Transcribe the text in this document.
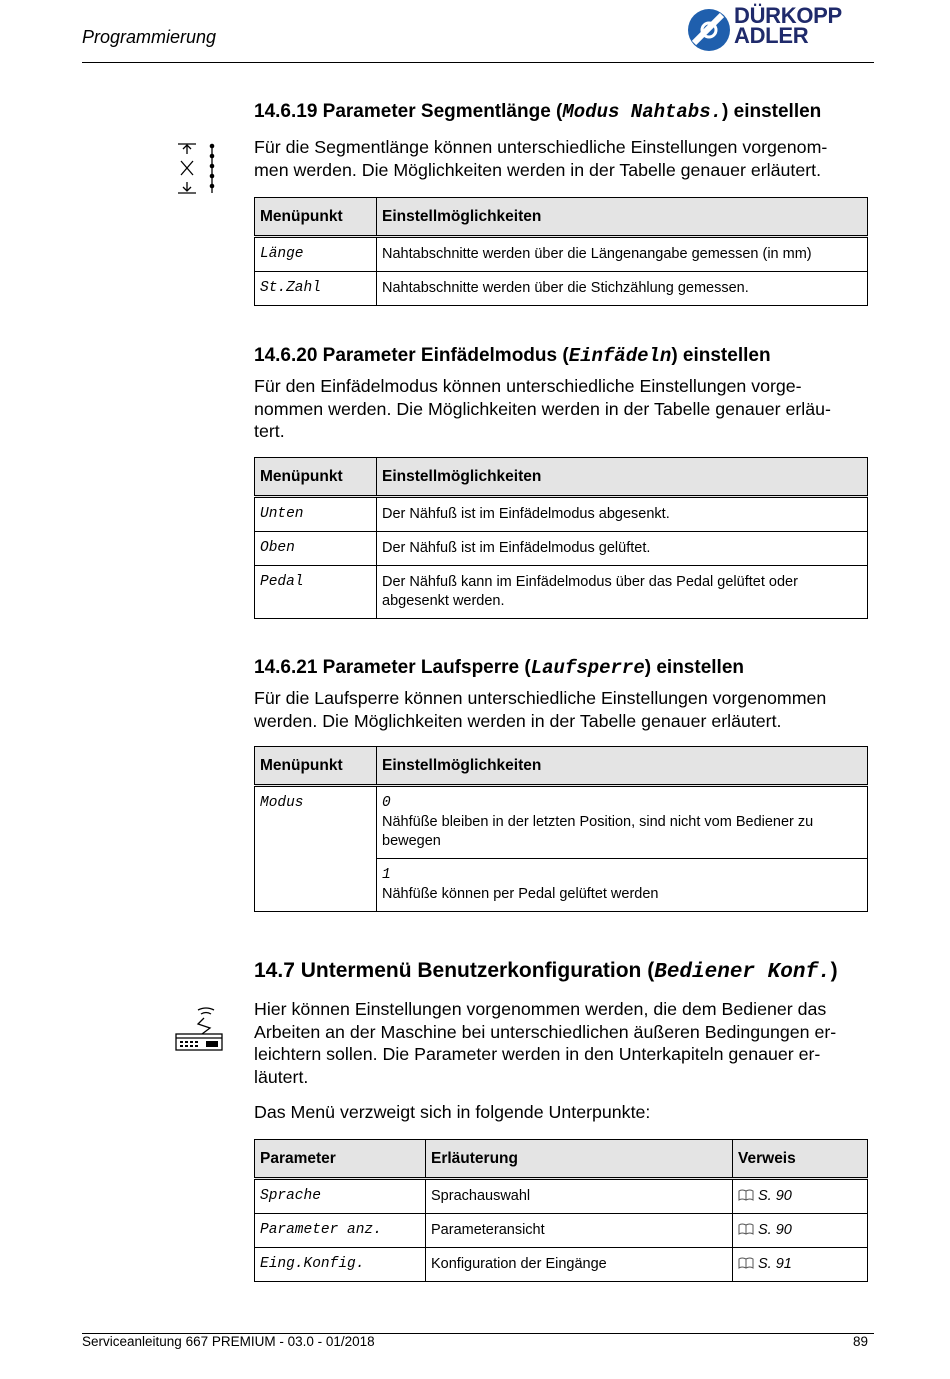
Programmierung
DÜRKOPP
ADLER
14.6.19 Parameter Segmentlänge (Modus Nahtabs.) einstellen
Für die Segmentlänge können unterschiedliche Einstellungen vorgenom-
men werden. Die Möglichkeiten werden in der Tabelle genauer erläutert.
Menüpunkt	Einstellmöglichkeiten
Länge	Nahtabschnitte werden über die Längenangabe gemessen (in mm)
St.Zahl	Nahtabschnitte werden über die Stichzählung gemessen.
14.6.20 Parameter Einfädelmodus (Einfädeln) einstellen
Für den Einfädelmodus können unterschiedliche Einstellungen vorge-
nommen werden. Die Möglichkeiten werden in der Tabelle genauer erläu-
tert.
Menüpunkt	Einstellmöglichkeiten
Unten	Der Nähfuß ist im Einfädelmodus abgesenkt.
Oben	Der Nähfuß ist im Einfädelmodus gelüftet.
Pedal	Der Nähfuß kann im Einfädelmodus über das Pedal gelüftet oder
abgesenkt werden.
14.6.21 Parameter Laufsperre (Laufsperre) einstellen
Für die Laufsperre können unterschiedliche Einstellungen vorgenommen
werden. Die Möglichkeiten werden in der Tabelle genauer erläutert.
Menüpunkt	Einstellmöglichkeiten
Modus	0
Nähfüße bleiben in der letzten Position, sind nicht vom Bediener zu
bewegen

	1
Nähfüße können per Pedal gelüftet werden
14.7 Untermenü Benutzerkonfiguration (Bediener Konf.)
Hier können Einstellungen vorgenommen werden, die dem Bediener das
Arbeiten an der Maschine bei unterschiedlichen äußeren Bedingungen er-
leichtern sollen. Die Parameter werden in den Unterkapiteln genauer er-
läutert.
Das Menü verzweigt sich in folgende Unterpunkte:
Parameter	Erläuterung	Verweis
Sprache	Sprachauswahl	S. 90
Parameter anz.	Parameteransicht	S. 90
Eing.Konfig.	Konfiguration der Eingänge	S. 91
Serviceanleitung 667 PREMIUM - 03.0 - 01/2018	89
